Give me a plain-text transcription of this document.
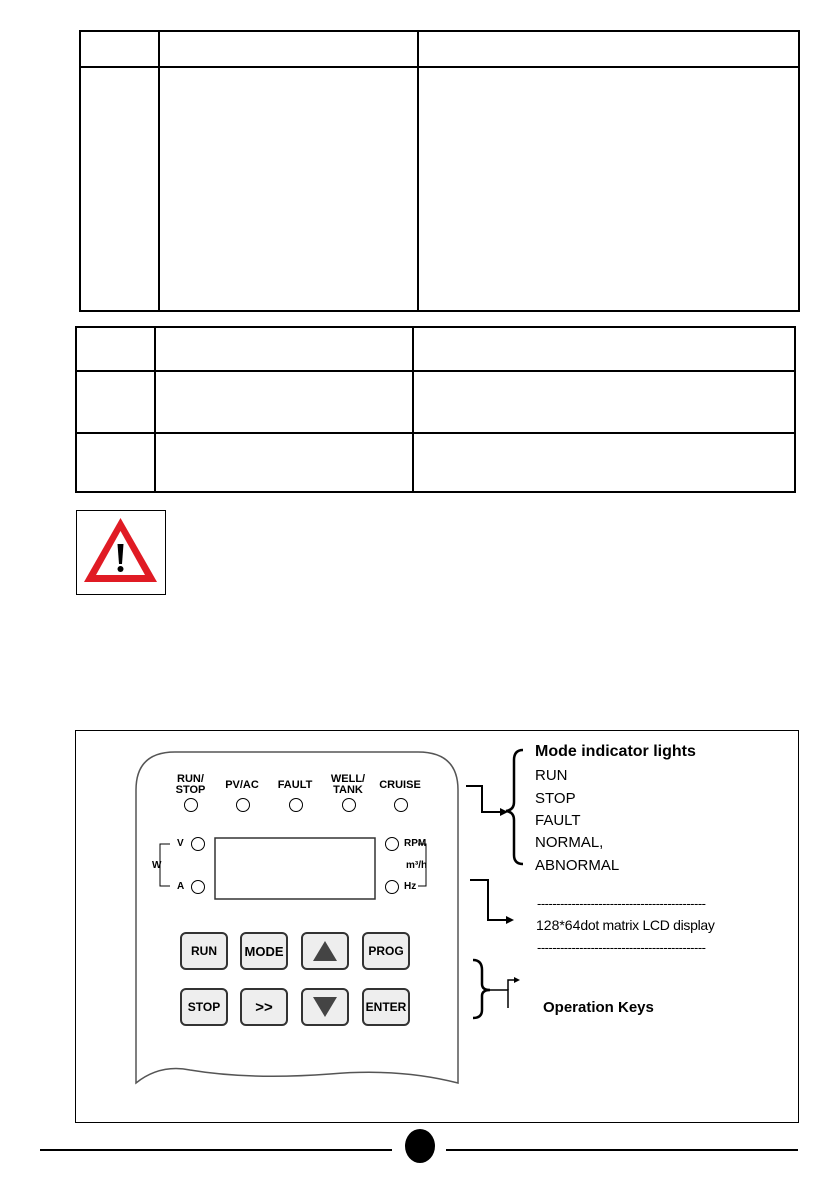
RUN/
STOP	PV/AC	FAULT	WELL/
TANK	CRUISE
V
W
A
RPM
m³/h
Hz
RUN	MODE	PROG
STOP	>>	ENTER
Mode indicator lights
RUN
STOP
FAULT
NORMAL,
ABNORMAL
--------------------------------------------
128*64dot matrix LCD display
--------------------------------------------
Operation Keys
